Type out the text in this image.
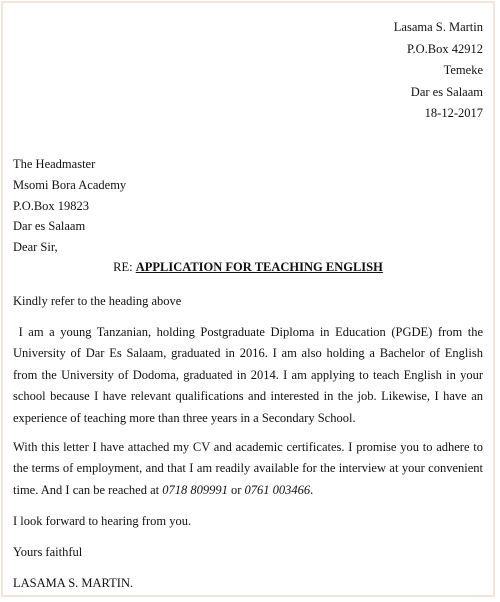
Lasama S. Martin
P.O.Box 42912
Temeke
Dar es Salaam
18-12-2017
The Headmaster
Msomi Bora Academy
P.O.Box 19823
Dar es Salaam
Dear Sir,
RE: APPLICATION FOR TEACHING ENGLISH
Kindly refer to the heading above
I am a young Tanzanian, holding Postgraduate Diploma in Education (PGDE) from the University of Dar Es Salaam, graduated in 2016. I am also holding a Bachelor of English from the University of Dodoma, graduated in 2014. I am applying to teach English in your school because I have relevant qualifications and interested in the job. Likewise, I have an experience of teaching more than three years in a Secondary School.
With this letter I have attached my CV and academic certificates. I promise you to adhere to the terms of employment, and that I am readily available for the interview at your convenient time. And I can be reached at 0718 809991 or 0761 003466.
I look forward to hearing from you.
Yours faithful
LASAMA S. MARTIN.
